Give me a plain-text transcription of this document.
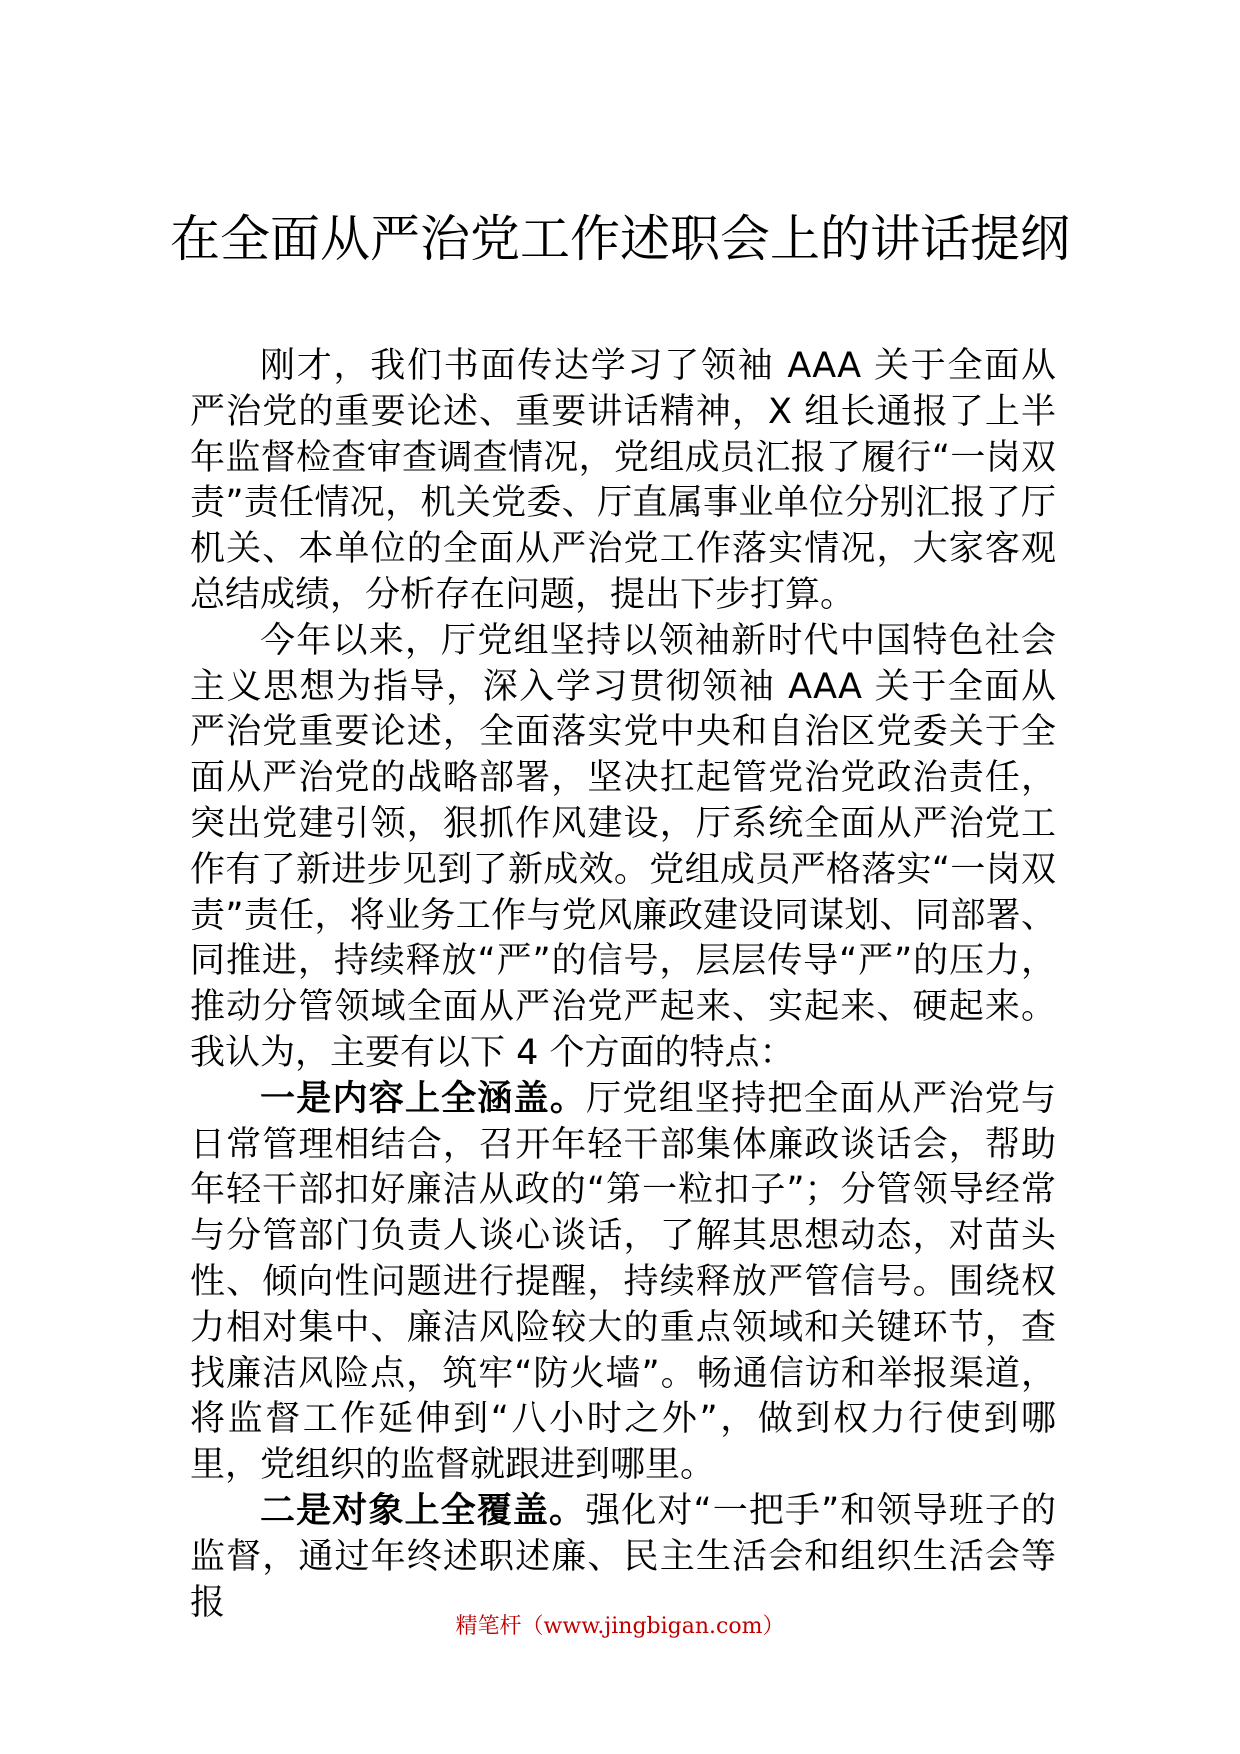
在全面从严治党工作述职会上的讲话提纲

刚才，我们书面传达学习了领袖 AAA 关于全面从严治党的重要论述、重要讲话精神，X 组长通报了上半年监督检查审查调查情况，党组成员汇报了履行“一岗双责”责任情况，机关党委、厅直属事业单位分别汇报了厅机关、本单位的全面从严治党工作落实情况，大家客观总结成绩，分析存在问题，提出下步打算。

今年以来，厅党组坚持以领袖新时代中国特色社会主义思想为指导，深入学习贯彻领袖 AAA 关于全面从严治党重要论述，全面落实党中央和自治区党委关于全面从严治党的战略部署，坚决扛起管党治党政治责任，突出党建引领，狠抓作风建设，厅系统全面从严治党工作有了新进步见到了新成效。党组成员严格落实“一岗双责”责任，将业务工作与党风廉政建设同谋划、同部署、同推进，持续释放“严”的信号，层层传导“严”的压力，推动分管领域全面从严治党严起来、实起来、硬起来。我认为，主要有以下 4 个方面的特点：

一是内容上全涵盖。厅党组坚持把全面从严治党与日常管理相结合，召开年轻干部集体廉政谈话会，帮助年轻干部扣好廉洁从政的“第一粒扣子”；分管领导经常与分管部门负责人谈心谈话，了解其思想动态，对苗头性、倾向性问题进行提醒，持续释放严管信号。围绕权力相对集中、廉洁风险较大的重点领域和关键环节，查找廉洁风险点，筑牢“防火墙”。畅通信访和举报渠道，将监督工作延伸到“八小时之外”，做到权力行使到哪里，党组织的监督就跟进到哪里。

二是对象上全覆盖。强化对“一把手”和领导班子的监督，通过年终述职述廉、民主生活会和组织生活会等报

精笔杆（www.jingbigan.com）
